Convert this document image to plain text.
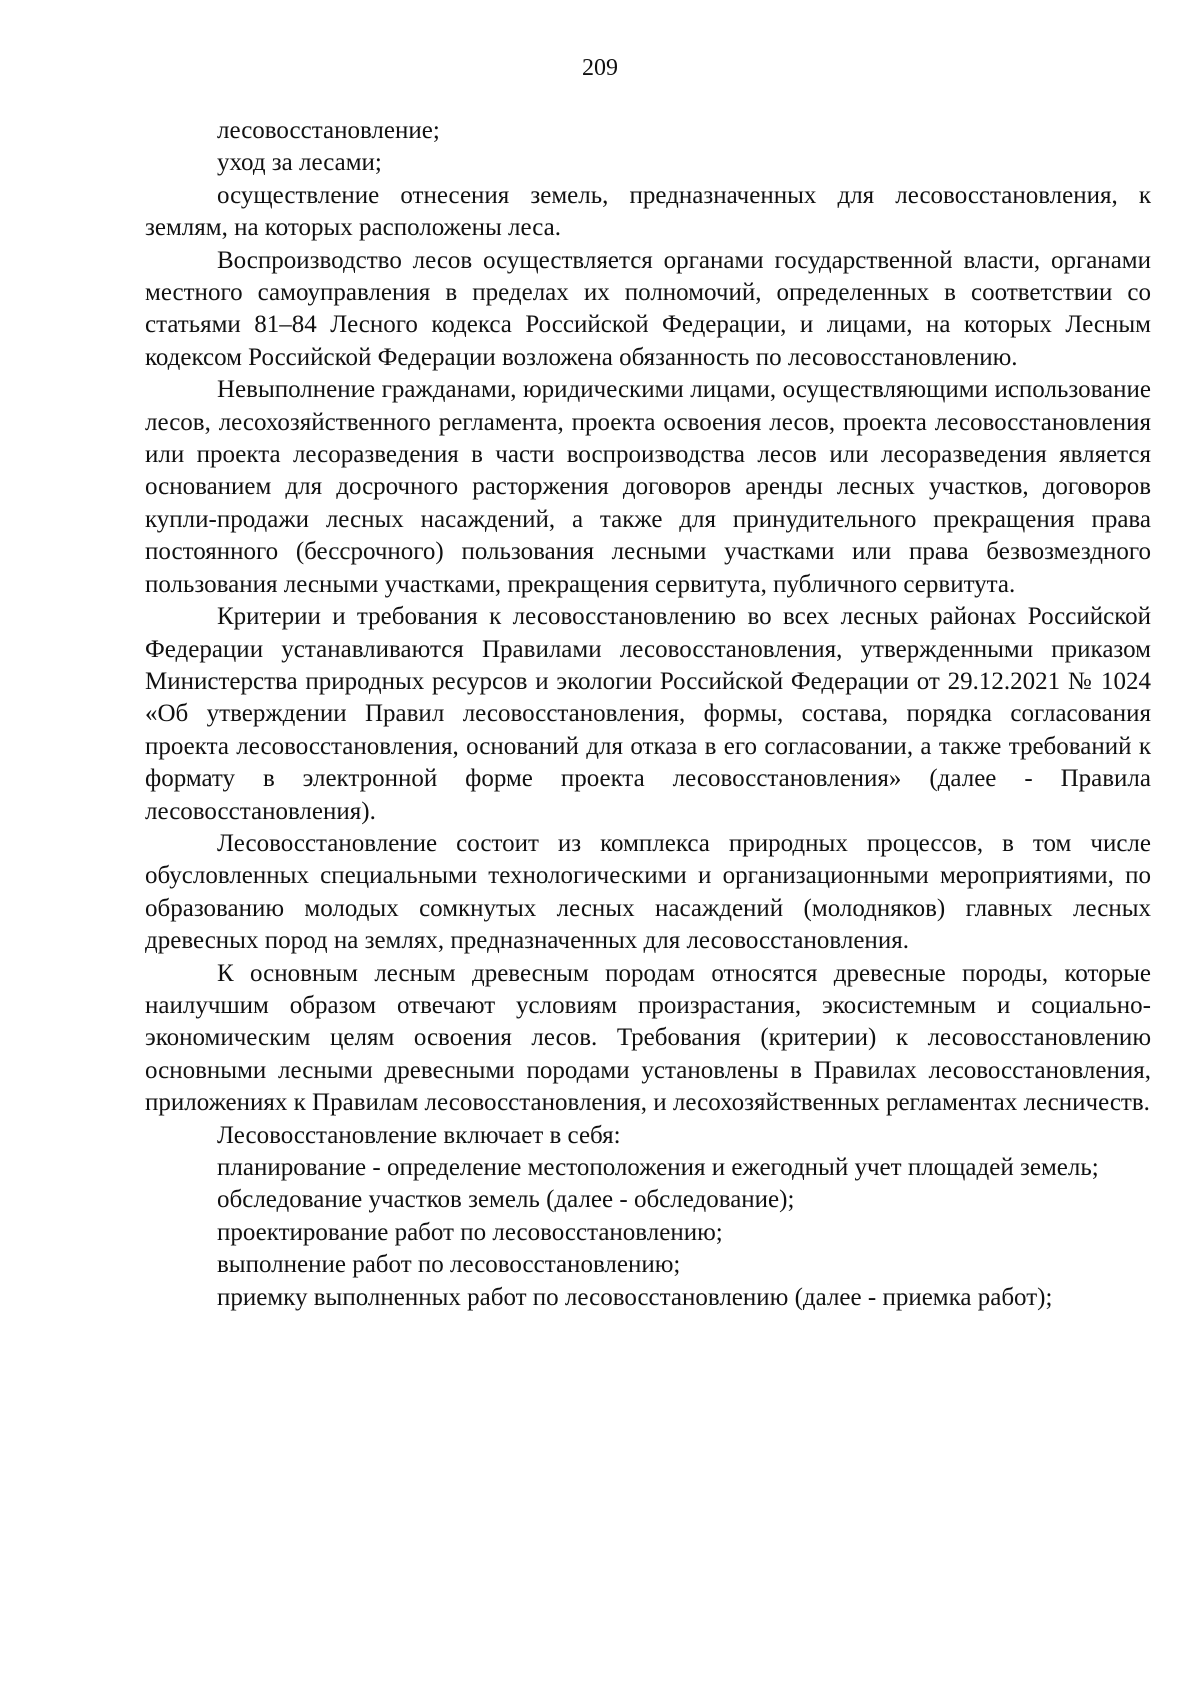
209

лесовосстановление;

уход за лесами;

осуществление отнесения земель, предназначенных для лесовосстановления, к землям, на которых расположены леса.

Воспроизводство лесов осуществляется органами государственной власти, органами местного самоуправления в пределах их полномочий, определенных в соответствии со статьями 81–84 Лесного кодекса Российской Федерации, и лицами, на которых Лесным кодексом Российской Федерации возложена обязанность по лесовосстановлению.

Невыполнение гражданами, юридическими лицами, осуществляющими использование лесов, лесохозяйственного регламента, проекта освоения лесов, проекта лесовосстановления или проекта лесоразведения в части воспроизводства лесов или лесоразведения является основанием для досрочного расторжения договоров аренды лесных участков, договоров купли-продажи лесных насаждений, а также для принудительного прекращения права постоянного (бессрочного) пользования лесными участками или права безвозмездного пользования лесными участками, прекращения сервитута, публичного сервитута.

Критерии и требования к лесовосстановлению во всех лесных районах Российской Федерации устанавливаются Правилами лесовосстановления, утвержденными приказом Министерства природных ресурсов и экологии Российской Федерации от 29.12.2021 № 1024 «Об утверждении Правил лесовосстановления, формы, состава, порядка согласования проекта лесовосстановления, оснований для отказа в его согласовании, а также требований к формату в электронной форме проекта лесовосстановления» (далее - Правила лесовосстановления).

Лесовосстановление состоит из комплекса природных процессов, в том числе обусловленных специальными технологическими и организационными мероприятиями, по образованию молодых сомкнутых лесных насаждений (молодняков) главных лесных древесных пород на землях, предназначенных для лесовосстановления.

К основным лесным древесным породам относятся древесные породы, которые наилучшим образом отвечают условиям произрастания, экосистемным и социально-экономическим целям освоения лесов. Требования (критерии) к лесовосстановлению основными лесными древесными породами установлены в Правилах лесовосстановления, приложениях к Правилам лесовосстановления, и лесохозяйственных регламентах лесничеств.

Лесовосстановление включает в себя:

планирование - определение местоположения и ежегодный учет площадей земель;

обследование участков земель (далее - обследование);

проектирование работ по лесовосстановлению;

выполнение работ по лесовосстановлению;

приемку выполненных работ по лесовосстановлению (далее - приемка работ);
